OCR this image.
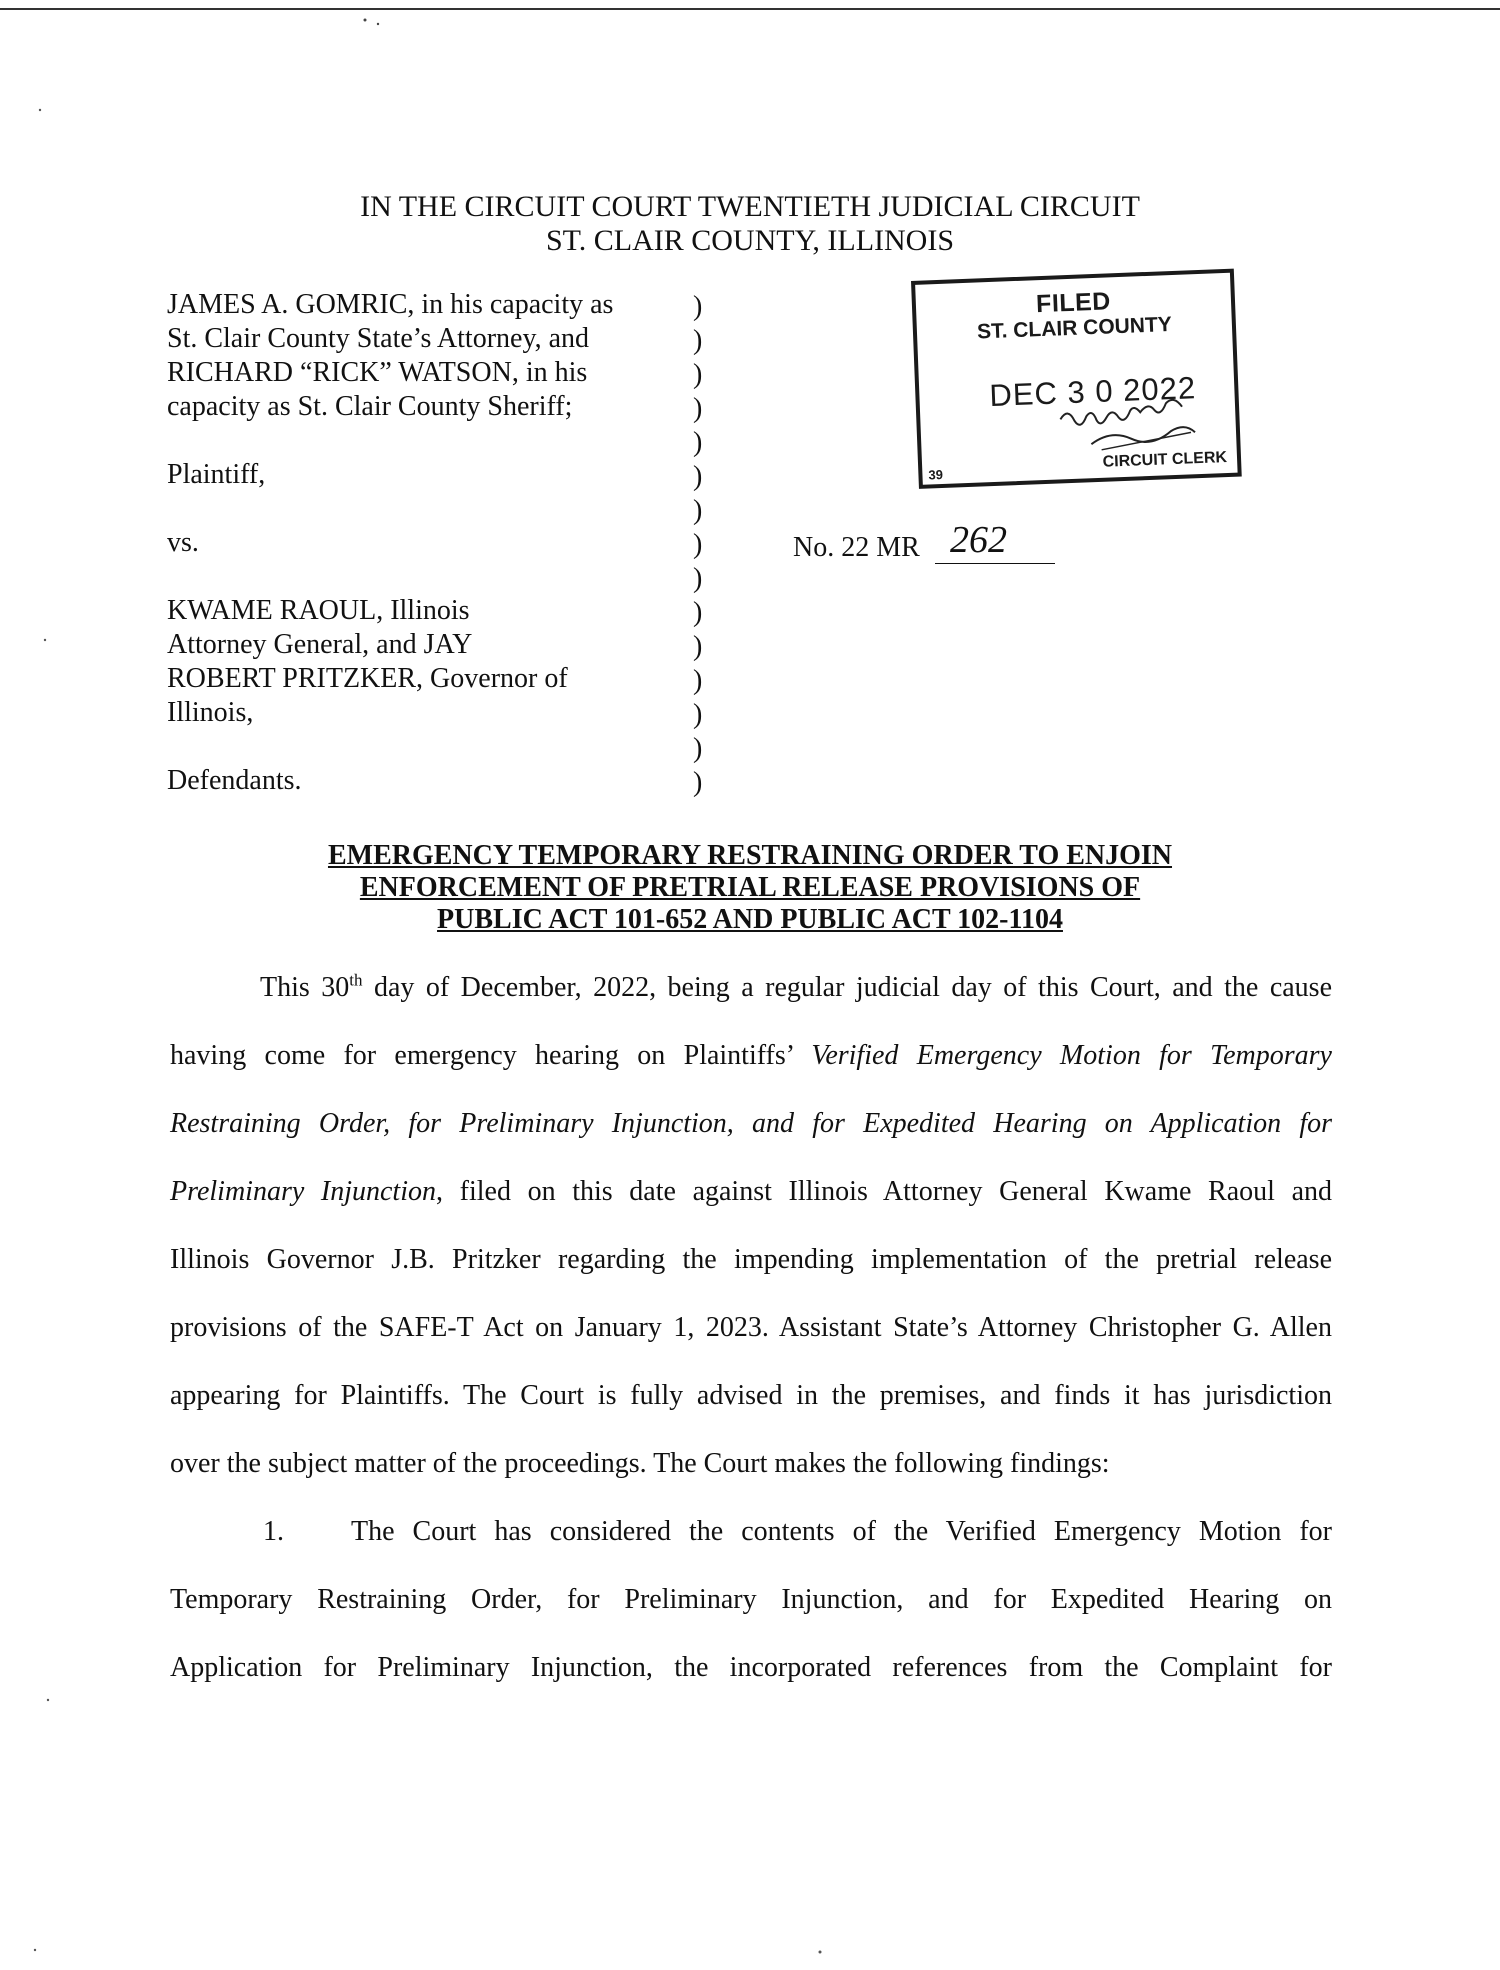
IN THE CIRCUIT COURT TWENTIETH JUDICIAL CIRCUIT
ST. CLAIR COUNTY, ILLINOIS
JAMES A. GOMRIC, in his capacity as
St. Clair County State’s Attorney, and
RICHARD “RICK” WATSON, in his
capacity as St. Clair County Sheriff;
Plaintiff,
vs.
KWAME RAOUL, Illinois
Attorney General, and JAY
ROBERT PRITZKER, Governor of
Illinois,
Defendants.
)
)
)
)
)
)
)
)
)
)
)
)
)
)
)
FILED
ST. CLAIR COUNTY
DEC 3 0 2022
39
CIRCUIT CLERK
No. 22 MR 262
EMERGENCY TEMPORARY RESTRAINING ORDER TO ENJOIN
ENFORCEMENT OF PRETRIAL RELEASE PROVISIONS OF
PUBLIC ACT 101-652 AND PUBLIC ACT 102-1104
This 30th day of December, 2022, being a regular judicial day of this Court, and the cause
having come for emergency hearing on Plaintiffs’ Verified Emergency Motion for Temporary
Restraining Order, for Preliminary Injunction, and for Expedited Hearing on Application for
Preliminary Injunction, filed on this date against Illinois Attorney General Kwame Raoul and
Illinois Governor J.B. Pritzker regarding the impending implementation of the pretrial release
provisions of the SAFE-T Act on January 1, 2023. Assistant State’s Attorney Christopher G. Allen
appearing for Plaintiffs. The Court is fully advised in the premises, and finds it has jurisdiction
over the subject matter of the proceedings. The Court makes the following findings:
1.	The Court has considered the contents of the Verified Emergency Motion for
Temporary Restraining Order, for Preliminary Injunction, and for Expedited Hearing on
Application for Preliminary Injunction, the incorporated references from the Complaint for
